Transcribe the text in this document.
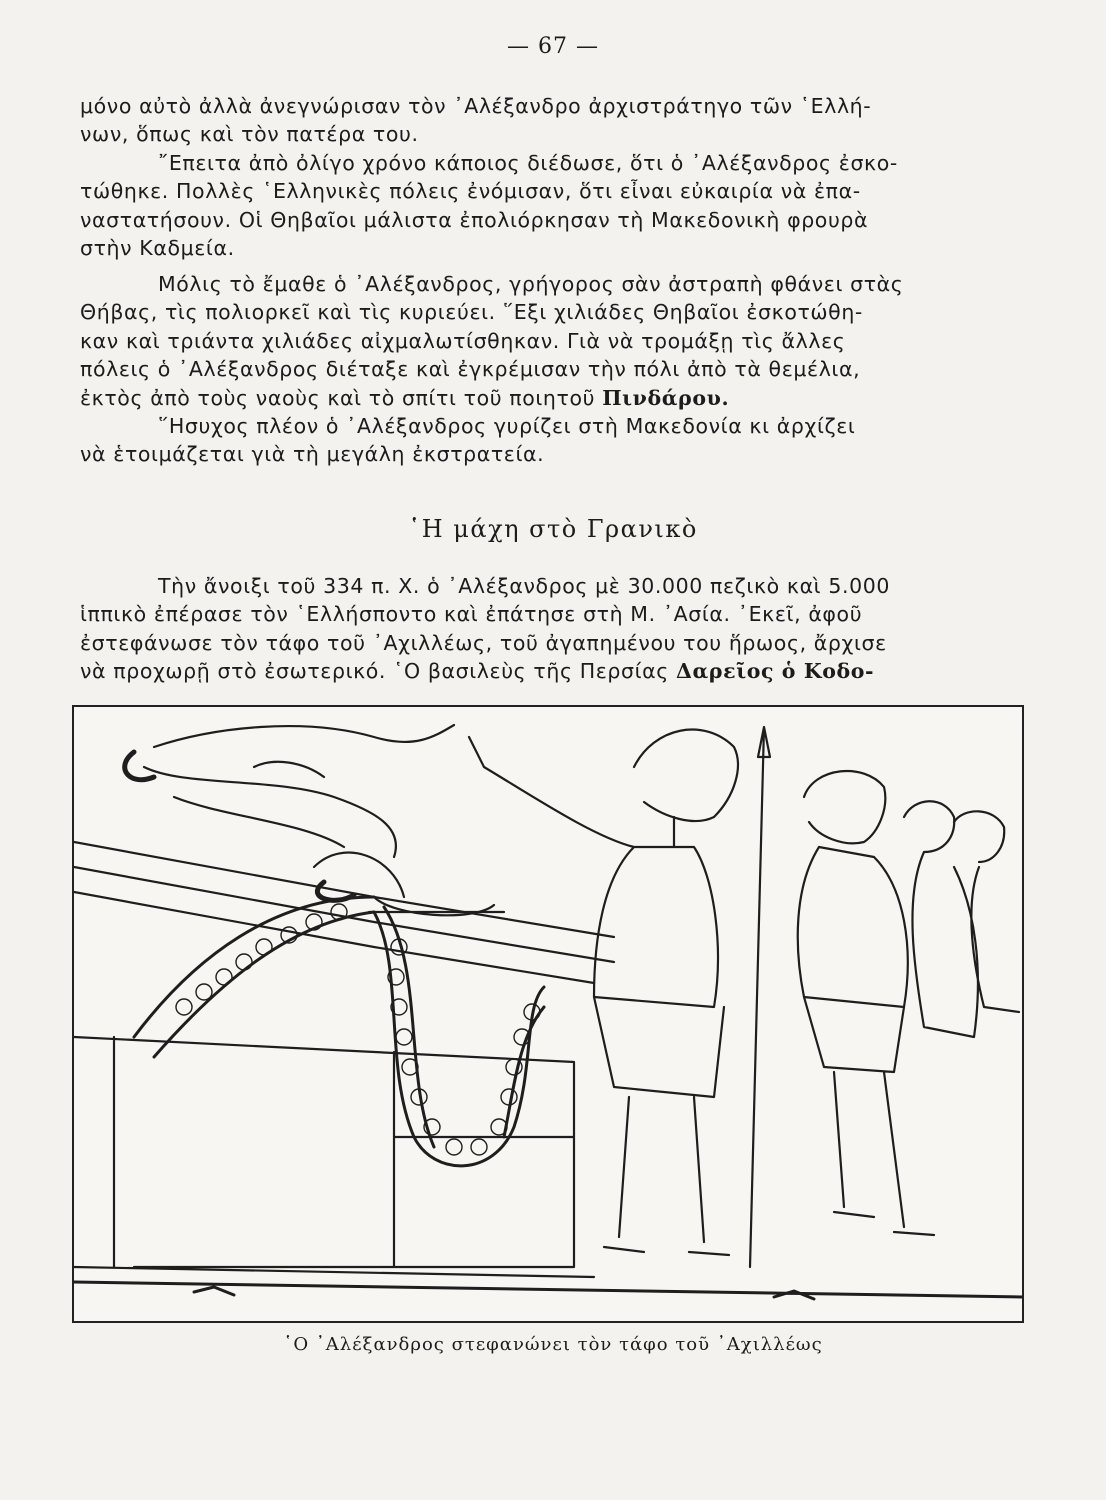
— 67 —
μόνο αὐτὸ ἀλλὰ ἀνεγνώρισαν τὸν ᾿Αλέξανδρο ἀρχιστράτηγο τῶν ῾Ελλή-
νων, ὅπως καὶ τὸν πατέρα του.
῎Επειτα ἀπὸ ὀλίγο χρόνο κάποιος διέδωσε, ὅτι ὁ ᾿Αλέξανδρος ἐσκο-
τώθηκε. Πολλὲς ῾Ελληνικὲς πόλεις ἐνόμισαν, ὅτι εἶναι εὐκαιρία νὰ ἐπα-
ναστατήσουν. Οἱ Θηβαῖοι μάλιστα ἐπολιόρκησαν τὴ Μακεδονικὴ φρουρὰ
στὴν Καδμεία.
Μόλις τὸ ἔμαθε ὁ ᾿Αλέξανδρος, γρήγορος σὰν ἀστραπὴ φθάνει στὰς
Θήβας, τὶς πολιορκεῖ καὶ τὶς κυριεύει. ῞Εξι χιλιάδες Θηβαῖοι ἐσκοτώθη-
καν καὶ τριάντα χιλιάδες αἰχμαλωτίσθηκαν. Γιὰ νὰ τρομάξῃ τὶς ἄλλες
πόλεις ὁ ᾿Αλέξανδρος διέταξε καὶ ἐγκρέμισαν τὴν πόλι ἀπὸ τὰ θεμέλια,
ἐκτὸς ἀπὸ τοὺς ναοὺς καὶ τὸ σπίτι τοῦ ποιητοῦ Πινδάρου.
῞Ησυχος πλέον ὁ ᾿Αλέξανδρος γυρίζει στὴ Μακεδονία κι ἀρχίζει
νὰ ἑτοιμάζεται γιὰ τὴ μεγάλη ἐκστρατεία.
῾Η μάχη στὸ Γρανικὸ
Τὴν ἄνοιξι τοῦ 334 π. Χ. ὁ ᾿Αλέξανδρος μὲ 30.000 πεζικὸ καὶ 5.000
ἱππικὸ ἐπέρασε τὸν ῾Ελλήσποντο καὶ ἐπάτησε στὴ Μ. ᾿Ασία. ᾿Εκεῖ, ἀφοῦ
ἐστεφάνωσε τὸν τάφο τοῦ ᾿Αχιλλέως, τοῦ ἀγαπημένου του ἥρωος, ἄρχισε
νὰ προχωρῇ στὸ ἐσωτερικό. ῾Ο βασιλεὺς τῆς Περσίας Δαρεῖος ὁ Κοδο-
῾Ο ᾿Αλέξανδρος στεφανώνει τὸν τάφο τοῦ ᾿Αχιλλέως
